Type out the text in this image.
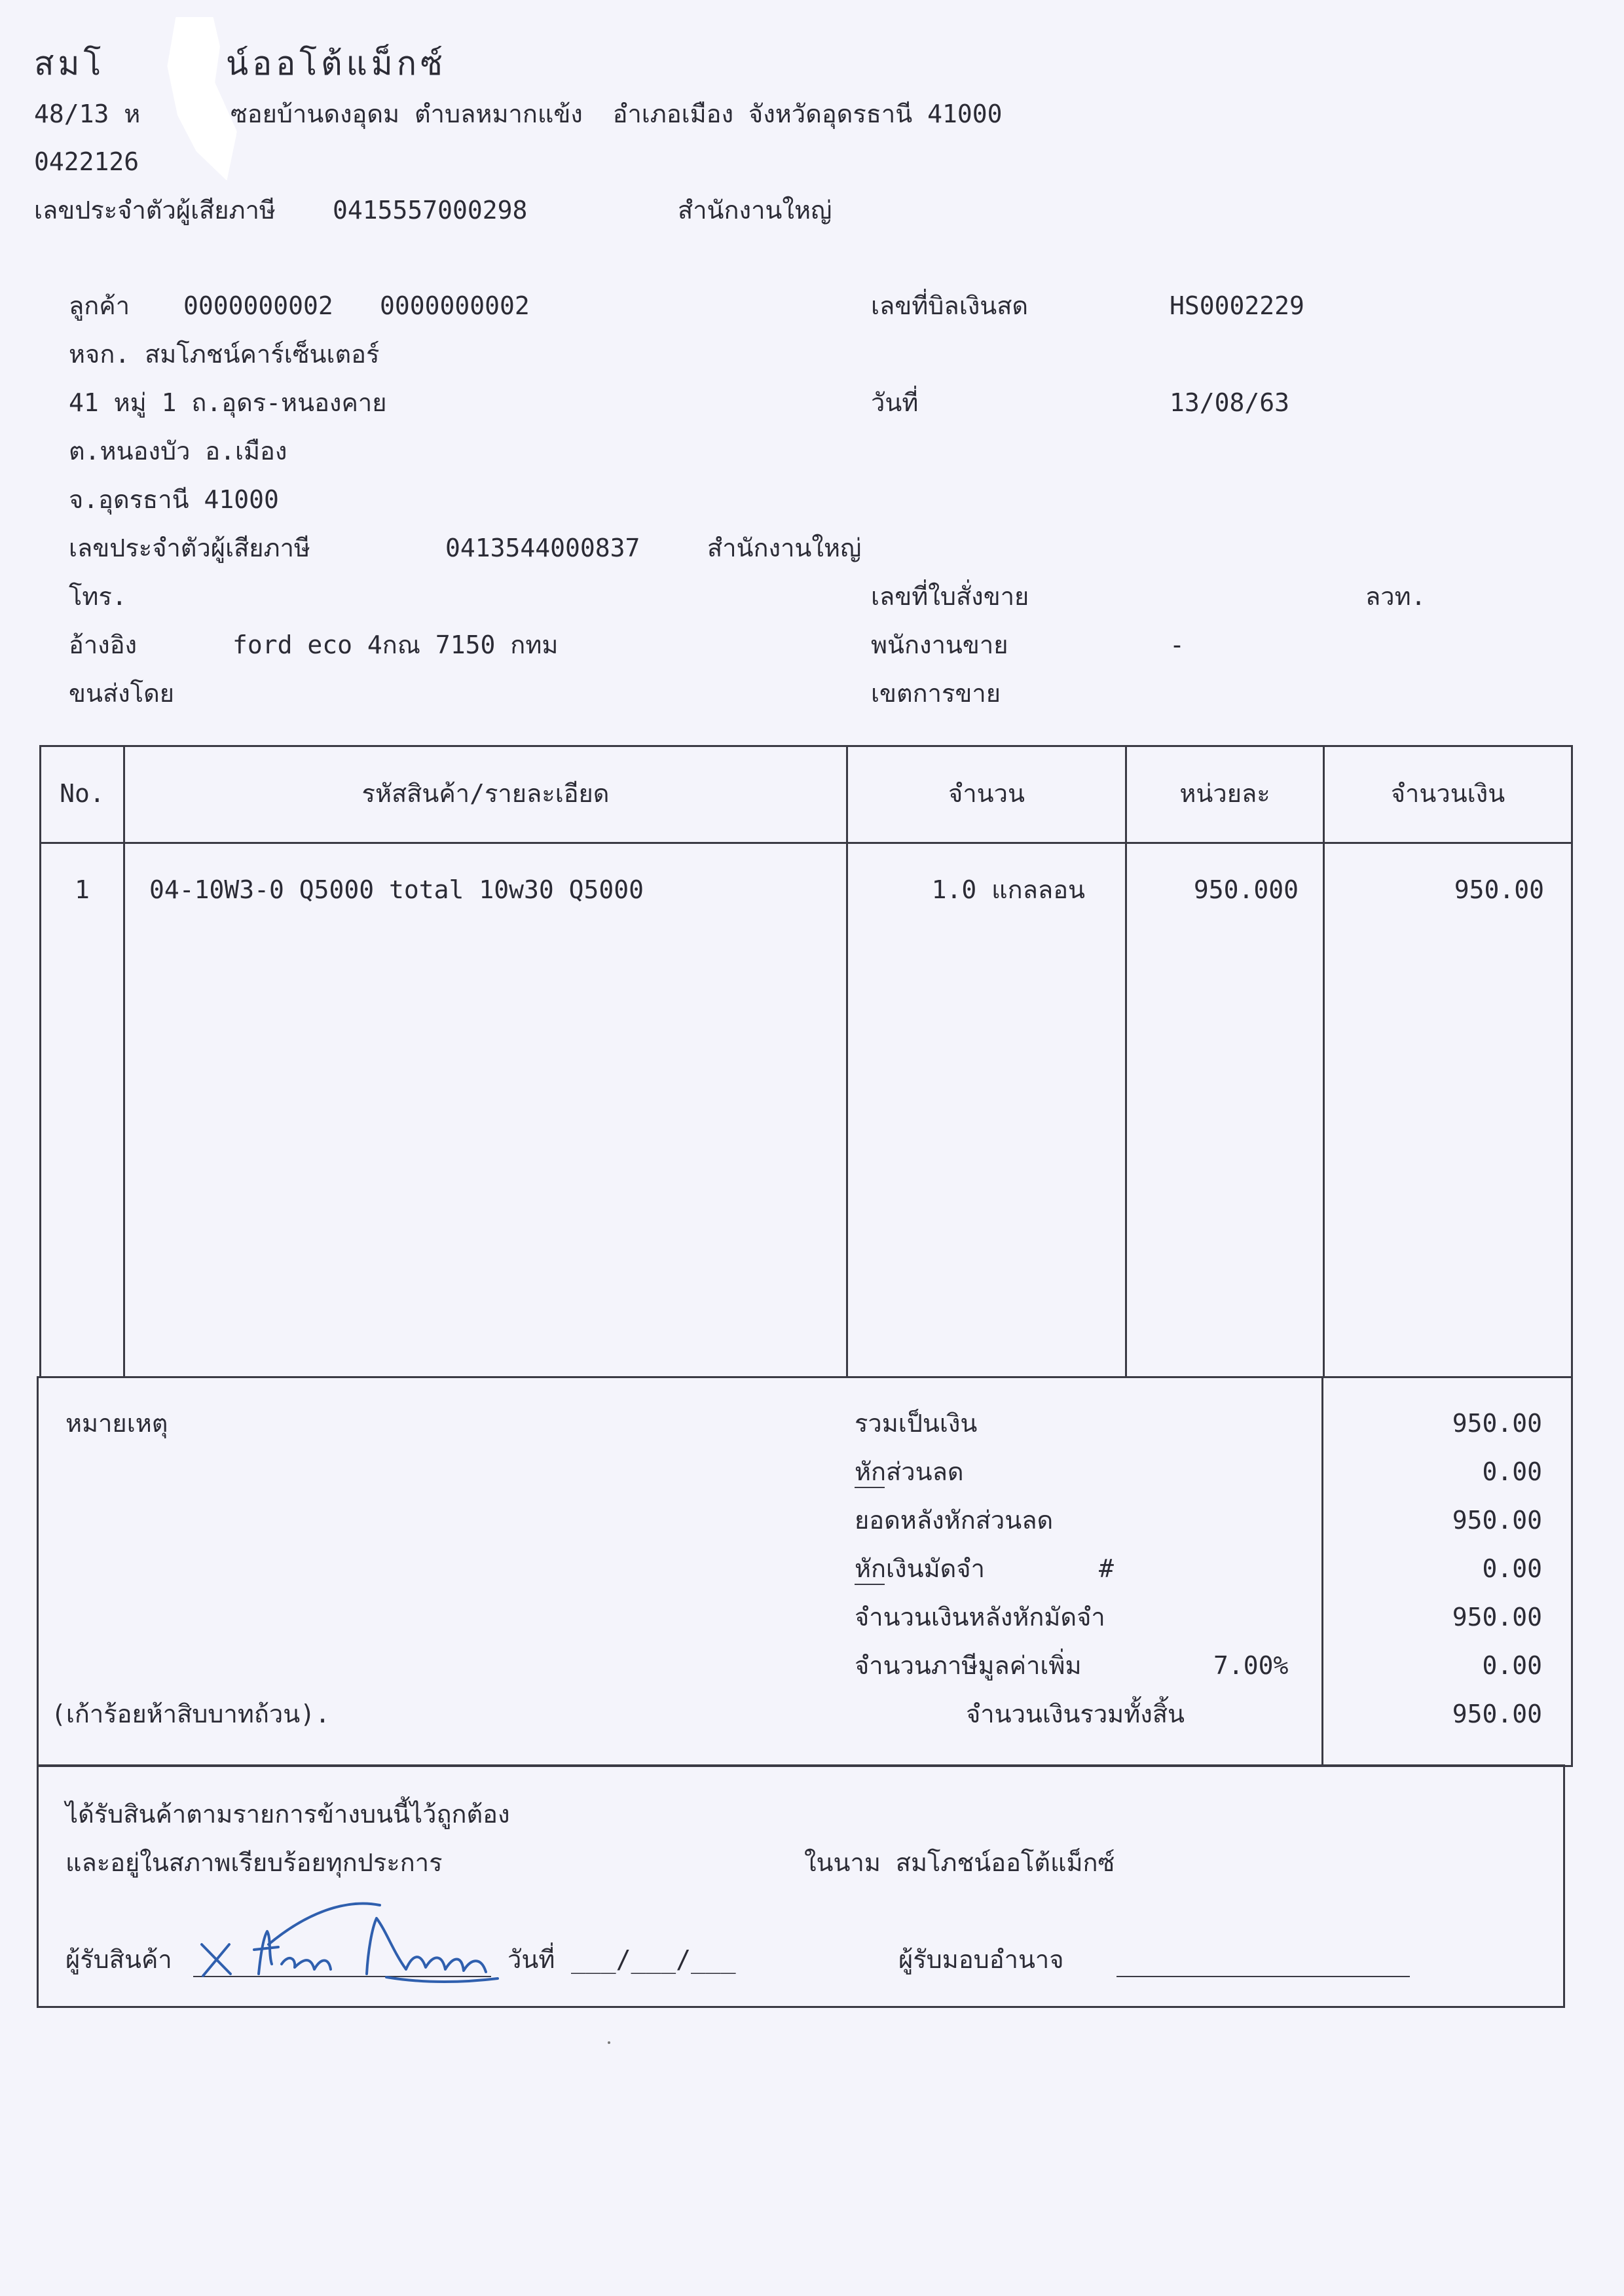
สมโ	น์ออโต้แม็กซ์
48/13 ห	ซอยบ้านดงอุดม ตำบลหมากแข้ง  อำเภอเมือง จังหวัดอุดรธานี 41000
0422126
เลขประจำตัวผู้เสียภาษี 0415557000298	สำนักงานใหญ่
ลูกค้า 0000000002 0000000002
หจก. สมโภชน์คาร์เซ็นเตอร์
41 หมู่ 1 ถ.อุดร-หนองคาย
ต.หนองบัว อ.เมือง
จ.อุดรธานี 41000
เลขประจำตัวผู้เสียภาษี	0413544000837	สำนักงานใหญ่
โทร.
อ้างอิง	ford eco 4กณ 7150 กทม
ขนส่งโดย
เลขที่บิลเงินสด	HS0002229
วันที่	13/08/63
เลขที่ใบสั่งขาย	ลวท.
พนักงานขาย	-
เขตการขาย
No.	รหัสสินค้า/รายละเอียด	จำนวน	หน่วยละ	จำนวนเงิน
1	04-10W3-0 Q5000 total 10w30 Q5000	1.0 แกลลอน	950.000	950.00
หมายเหตุ
(เก้าร้อยห้าสิบบาทถ้วน).
รวมเป็นเงิน	950.00
หักส่วนลด	0.00
ยอดหลังหักส่วนลด	950.00
หักเงินมัดจำ	#	0.00
จำนวนเงินหลังหักมัดจำ	950.00
จำนวนภาษีมูลค่าเพิ่ม	7.00%	0.00
จำนวนเงินรวมทั้งสิ้น	950.00
ได้รับสินค้าตามรายการข้างบนนี้ไว้ถูกต้อง
และอยู่ในสภาพเรียบร้อยทุกประการ	ในนาม สมโภชน์ออโต้แม็กซ์
ผู้รับสินค้า	วันที่ ___/___/___	ผู้รับมอบอำนาจ
